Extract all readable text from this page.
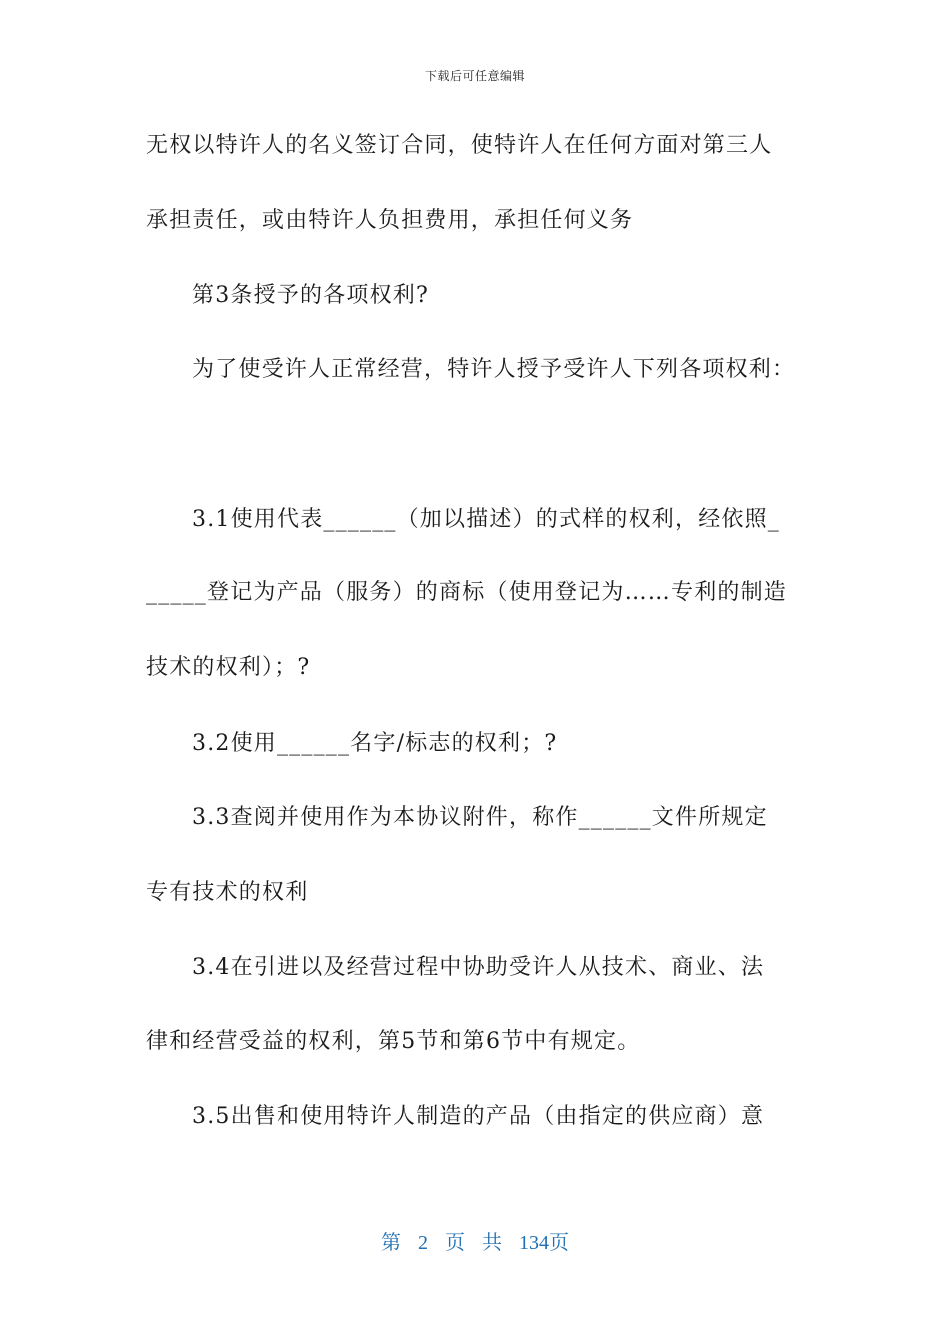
下载后可任意编辑
无权以特许人的名义签订合同，使特许人在任何方面对第三人
承担责任，或由特许人负担费用，承担任何义务
第3条授予的各项权利?
为了使受许人正常经营，特许人授予受许人下列各项权利：
3.1使用代表______（加以描述）的式样的权利，经依照_
_____登记为产品（服务）的商标（使用登记为……专利的制造
技术的权利）；?
3.2使用______名字/标志的权利；?
3.3查阅并使用作为本协议附件，称作______文件所规定
专有技术的权利
3.4在引进以及经营过程中协助受许人从技术、商业、法
律和经营受益的权利，第5节和第6节中有规定。
3.5出售和使用特许人制造的产品（由指定的供应商）意
第 2 页 共 134页
